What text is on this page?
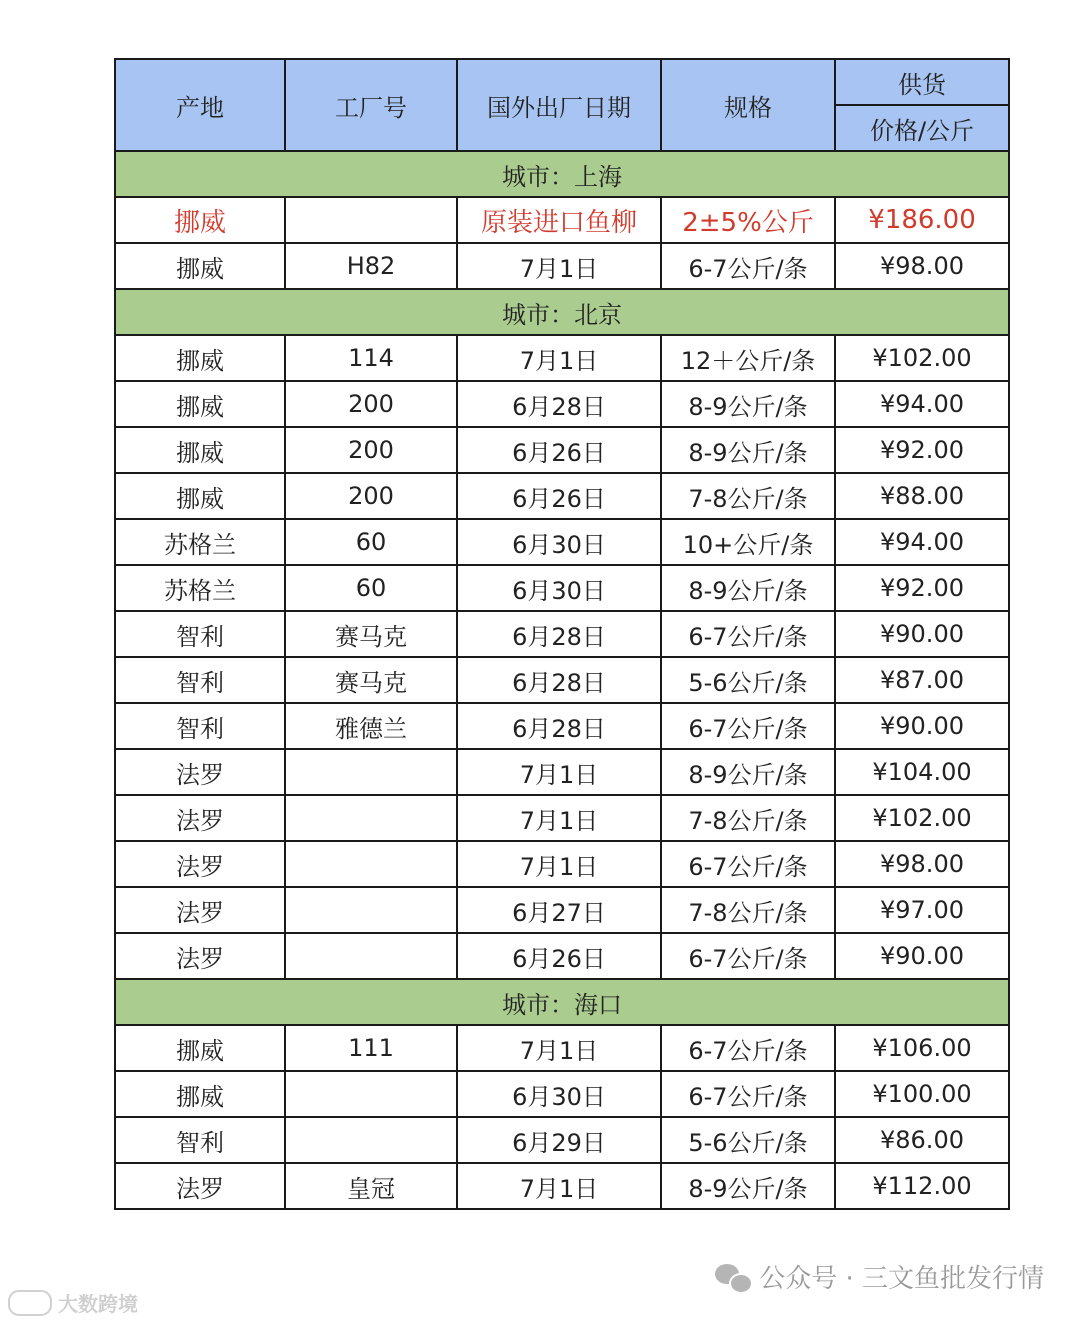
产地	工厂号	国外出厂日期	规格	供货
				价格/公斤
城市：上海				
挪威		原装进口鱼柳	2±5%公斤	¥186.00
挪威	H82	7月1日	6-7公斤/条	¥98.00
城市：北京				
挪威	114	7月1日	12＋公斤/条	¥102.00
挪威	200	6月28日	8-9公斤/条	¥94.00
挪威	200	6月26日	8-9公斤/条	¥92.00
挪威	200	6月26日	7-8公斤/条	¥88.00
苏格兰	60	6月30日	10+公斤/条	¥94.00
苏格兰	60	6月30日	8-9公斤/条	¥92.00
智利	赛马克	6月28日	6-7公斤/条	¥90.00
智利	赛马克	6月28日	5-6公斤/条	¥87.00
智利	雅德兰	6月28日	6-7公斤/条	¥90.00
法罗		7月1日	8-9公斤/条	¥104.00
法罗		7月1日	7-8公斤/条	¥102.00
法罗		7月1日	6-7公斤/条	¥98.00
法罗		6月27日	7-8公斤/条	¥97.00
法罗		6月26日	6-7公斤/条	¥90.00
城市：海口				
挪威	111	7月1日	6-7公斤/条	¥106.00
挪威		6月30日	6-7公斤/条	¥100.00
智利		6月29日	5-6公斤/条	¥86.00
法罗	皇冠	7月1日	8-9公斤/条	¥112.00
公众号 · 三文鱼批发行情
大数跨境
